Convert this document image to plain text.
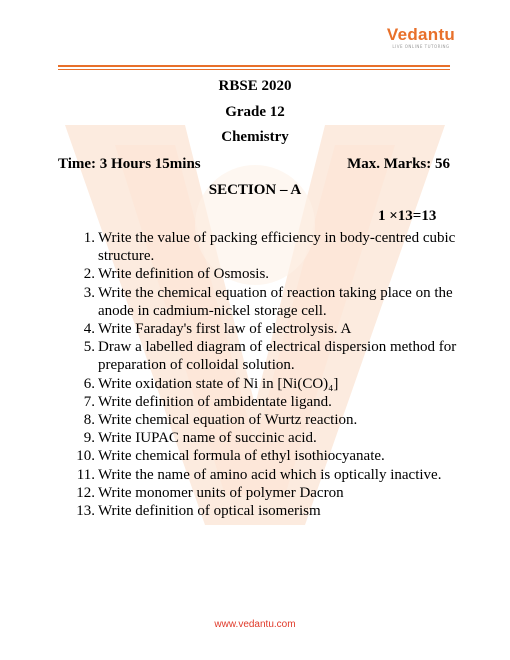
Vedantu
LIVE ONLINE TUTORING
RBSE 2020
Grade 12
Chemistry
Time: 3 Hours 15mins	Max. Marks: 56
SECTION – A
1 ×13=13
1. Write the value of packing efficiency in body-centred cubic
structure.
2. Write definition of Osmosis.
3. Write the chemical equation of reaction taking place on the
anode in cadmium-nickel storage cell.
4. Write Faraday's first law of electrolysis. A
5. Draw a labelled diagram of electrical dispersion method for
preparation of colloidal solution.
6. Write oxidation state of Ni in [Ni(CO)₄]
7. Write definition of ambidentate ligand.
8. Write chemical equation of Wurtz reaction.
9. Write IUPAC name of succinic acid.
10. Write chemical formula of ethyl isothiocyanate.
11. Write the name of amino acid which is optically inactive.
12. Write monomer units of polymer Dacron
13. Write definition of optical isomerism
www.vedantu.com
